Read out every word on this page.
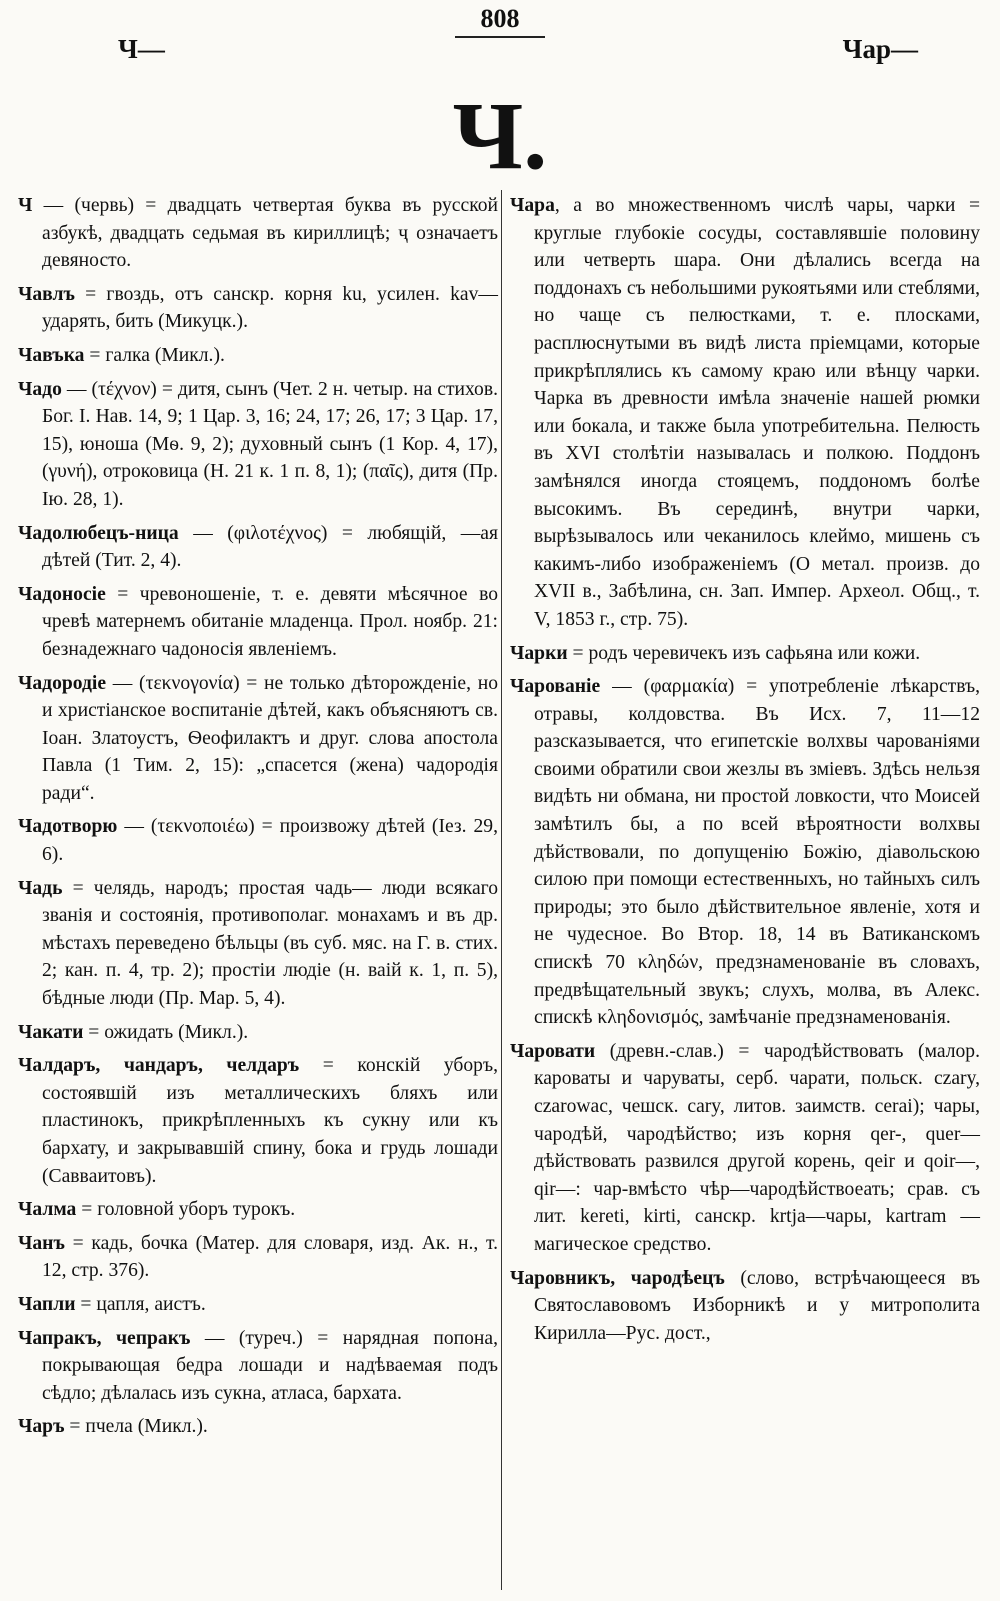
808
Ч—	Чар—
Ч.

Ч — (червь) = двадцать четвертая буква въ русской азбукѣ, двадцать седьмая въ кириллицѣ; ҷ означаетъ девяносто.

Чавлъ = гвоздь, отъ санскр. корня ku, усилен. kav—ударять, бить (Микуцк.).

Чавъка = галка (Микл.).

Чадо — (τέχνον) = дитя, сынъ (Чет. 2 н. четыр. на стихов. Бог. I. Нав. 14, 9; 1 Цар. 3, 16; 24, 17; 26, 17; 3 Цар. 17, 15), юноша (Мѳ. 9, 2); духовный сынъ (1 Кор. 4, 17), (γυνή), отроковица (Н. 21 к. 1 п. 8, 1); (παῖς), дитя (Пр. Ію. 28, 1).

Чадолюбецъ-ница — (φιλοτέχνος) = любящій, —ая дѣтей (Тит. 2, 4).

Чадоносіе = чревоношеніе, т. е. девяти мѣсячное во чревѣ матернемъ обитаніе младенца. Прол. ноябр. 21: безнадежнаго чадоносія явленіемъ.

Чадородіе — (τεκνογονία) = не только дѣторожденіе, но и христіанское воспитаніе дѣтей, какъ объясняютъ св. Іоан. Златоустъ, Ѳеофилактъ и друг. слова апостола Павла (1 Тим. 2, 15): „спасется (жена) чадородія ради“.

Чадотворю — (τεκνοποιέω) = произвожу дѣтей (Іез. 29, 6).

Чадь = челядь, народъ; простая чадь— люди всякаго званія и состоянія, противополаг. монахамъ и въ др. мѣстахъ переведено бѣльцы (въ суб. мяс. на Г. в. стих. 2; кан. п. 4, тр. 2); простіи людіе (н. ваій к. 1, п. 5), бѣдные люди (Пр. Мар. 5, 4).

Чакати = ожидать (Микл.).

Чалдаръ, чандаръ, челдаръ = конскій уборъ, состоявшій изъ металлическихъ бляхъ или пластинокъ, прикрѣпленныхъ къ сукну или къ бархату, и закрывавшій спину, бока и грудь лошади (Саввaитовъ).

Чалма = головной уборъ турокъ.

Чанъ = кадь, бочка (Матер. для словаря, изд. Ак. н., т. 12, стр. 376).

Чапли = цапля, аистъ.

Чапракъ, чепракъ — (туреч.) = нарядная попона, покрывающая бедра лошади и надѣваемая подъ сѣдло; дѣлалась изъ сукна, атласа, бархата.

Чаръ = пчела (Микл.).

Чара, а во множественномъ числѣ чары, чарки = круглые глубокіе сосуды, составлявшіе половину или четверть шара. Они дѣлались всегда на поддонахъ съ небольшими рукоятьями или стеблями, но чаще съ пелюстками, т. е. плосками, расплюснутыми въ видѣ листа пріемцами, которые прикрѣплялись къ самому краю или вѣнцу чарки. Чарка въ древности имѣла значеніе нашей рюмки или бокала, и также была употребительна. Пелюсть въ XVI столѣтіи называлась и полкою. Поддонъ замѣнялся иногда стояцемъ, поддономъ болѣе высокимъ. Въ серединѣ, внутри чарки, вырѣзывалось или чеканилось клеймо, мишень съ какимъ-либо изображеніемъ (О метал. произв. до XVII в., Забѣлина, сн. Зап. Импер. Археол. Общ., т. V, 1853 г., стр. 75).

Чарки = родъ черевичекъ изъ сафьяна или кожи.

Чарованіе — (φαρμακία) = употребленіе лѣкарствъ, отравы, колдовства. Въ Исх. 7, 11—12 разсказывается, что египетскіе волхвы чарованіями своими обратили свои жезлы въ зміевъ. Здѣсь нельзя видѣть ни обмана, ни простой ловкости, что Моисей замѣтилъ бы, а по всей вѣроятности волхвы дѣйствовали, по допущенію Божію, діавольскою силою при помощи естественныхъ, но тайныхъ силъ природы; это было дѣйствительное явленіе, хотя и не чудесное. Во Втор. 18, 14 въ Ватиканскомъ спискѣ 70 κληδών, предзнаменованіе въ словахъ, предвѣщательный звукъ; слухъ, молва, въ Алекс. спискѣ κληδονισμός, замѣчаніе предзнаменованія.

Чаровати (древн.-слав.) = чародѣйствовать (малор. кароваты и чаруваты, серб. чарати, польск. czary, czarowac, чешск. cary, литов. заимств. cerai); чары, чародѣй, чародѣйство; изъ корня qer-, quer—дѣйствовать развился другой корень, qeir и qoir—, qir—: чар-вмѣсто чѣр—чародѣйствоеать; срав. съ лит. kereti, kirti, санскр. krtja—чары, kartram — магическое средство.

Чаровникъ, чародѣецъ (слово, встрѣчающееся въ Святославовомъ Изборникѣ и у митрополита Кирилла—Рус. дост.,
